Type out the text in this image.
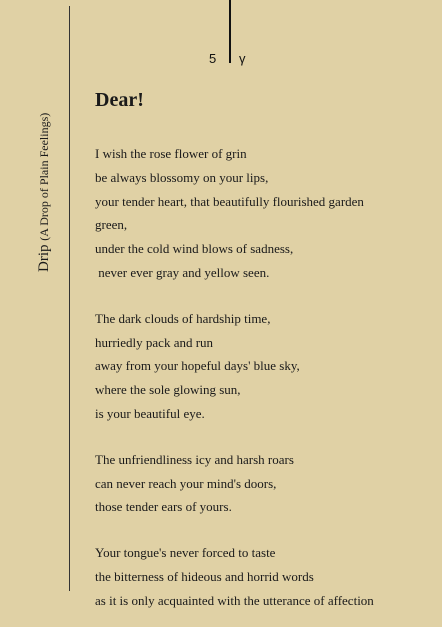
Drip (A Drop of Plain Feelings)
5 γ
Dear!
I wish the rose flower of grin
be always blossomy on your lips,
your tender heart, that beautifully flourished garden
green,
under the cold wind blows of sadness,
never ever gray and yellow seen.
The dark clouds of hardship time,
hurriedly pack and run
away from your hopeful days' blue sky,
where the sole glowing sun,
is your beautiful eye.
The unfriendliness icy and harsh roars
can never reach your mind's doors,
those tender ears of yours.
Your tongue's never forced to taste
the bitterness of hideous and horrid words
as it is only acquainted with the utterance of affection
